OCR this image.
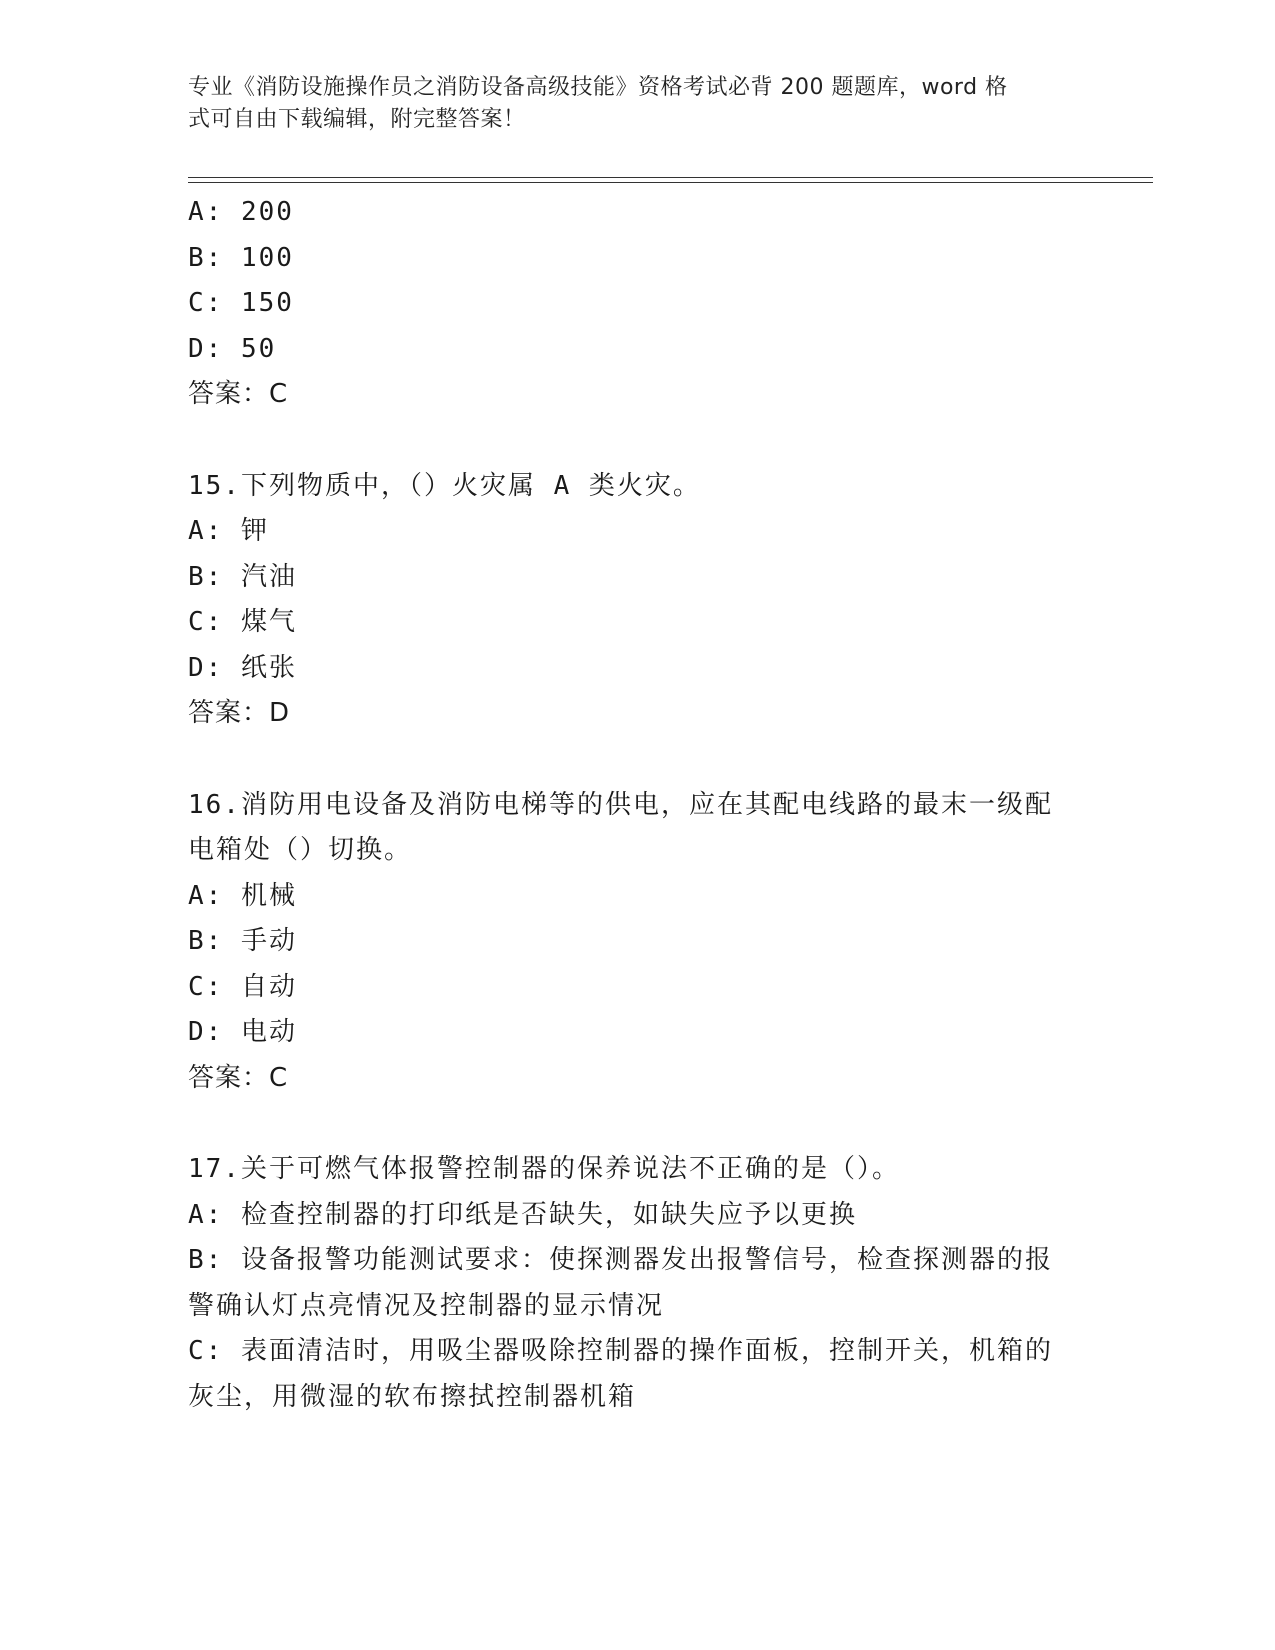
专业《消防设施操作员之消防设备高级技能》资格考试必背 200 题题库，word 格
式可自由下载编辑，附完整答案！

A: 200

B: 100

C: 150

D: 50

答案：C

15.下列物质中，（）火灾属 A 类火灾。

A: 钾

B: 汽油

C: 煤气

D: 纸张

答案：D

16.消防用电设备及消防电梯等的供电，应在其配电线路的最末一级配

电箱处（）切换。

A: 机械

B: 手动

C: 自动

D: 电动

答案：C

17.关于可燃气体报警控制器的保养说法不正确的是（）。

A: 检查控制器的打印纸是否缺失，如缺失应予以更换

B: 设备报警功能测试要求：使探测器发出报警信号，检查探测器的报

警确认灯点亮情况及控制器的显示情况

C: 表面清洁时，用吸尘器吸除控制器的操作面板，控制开关，机箱的

灰尘，用微湿的软布擦拭控制器机箱
